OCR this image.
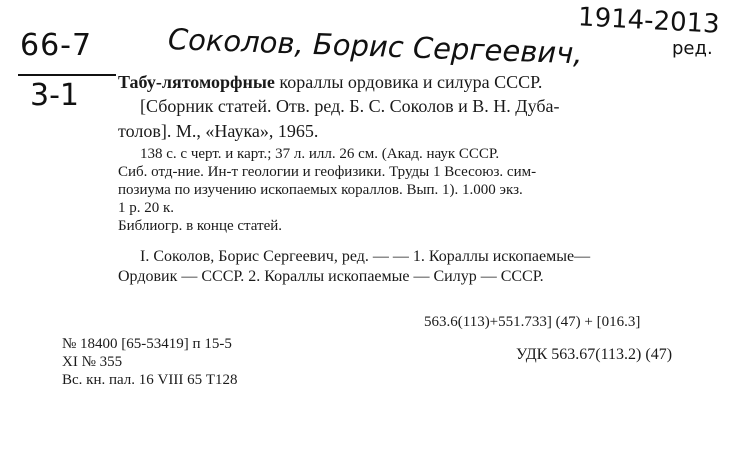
66-7
3-1
Соколов, Борис Сергеевич,
1914-2013
ред.
Табу-лятоморфные кораллы ордовика и силура СССР.
[Сборник статей. Отв. ред. Б. С. Соколов и В. Н. Дуба-
толов]. М., «Наука», 1965.
138 с. с черт. и карт.; 37 л. илл. 26 см. (Акад. наук СССР.
Сиб. отд-ние. Ин-т геологии и геофизики. Труды 1 Всесоюз. сим-
позиума по изучению ископаемых кораллов. Вып. 1). 1.000 экз.
1 р. 20 к.
Библиогр. в конце статей.
I. Соколов, Борис Сергеевич, ред. — — 1. Кораллы ископаемые—
Ордовик — СССР. 2. Кораллы ископаемые — Силур — СССР.
563.6(113)+551.733] (47) + [016.3]
№ 18400 [65-53419] п 15-5
XI № 355	УДК 563.67(113.2) (47)
Вс. кн. пал. 16 VIII 65 Т128
